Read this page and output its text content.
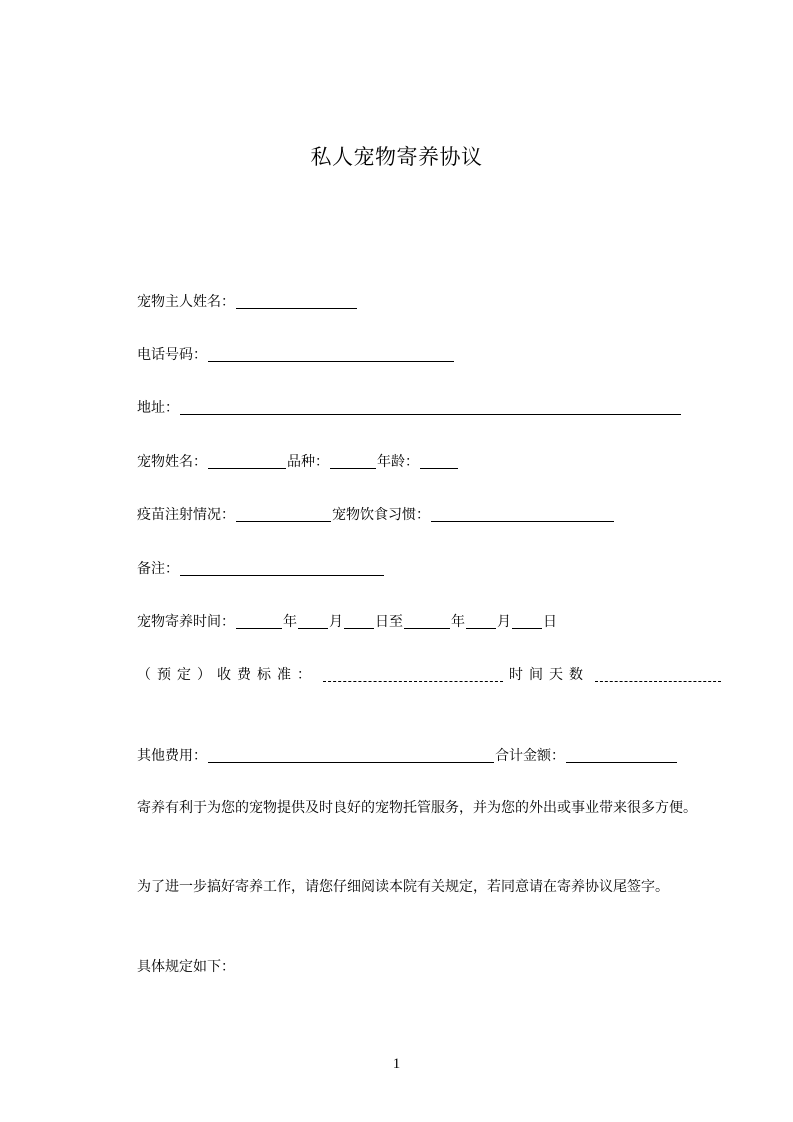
私人宠物寄养协议
宠物主人姓名：
电话号码：
地址：
宠物姓名：	品种：	年龄：
疫苗注射情况：	宠物饮食习惯：
备注：
宠物寄养时间：	年 月 日至	年 月 日
（预定）收费标准：	时间天数
其他费用：	合计金额：
寄养有利于为您的宠物提供及时良好的宠物托管服务，并为您的外出或事业带来很多方便。
为了进一步搞好寄养工作，请您仔细阅读本院有关规定，若同意请在寄养协议尾签字。
具体规定如下：
1
